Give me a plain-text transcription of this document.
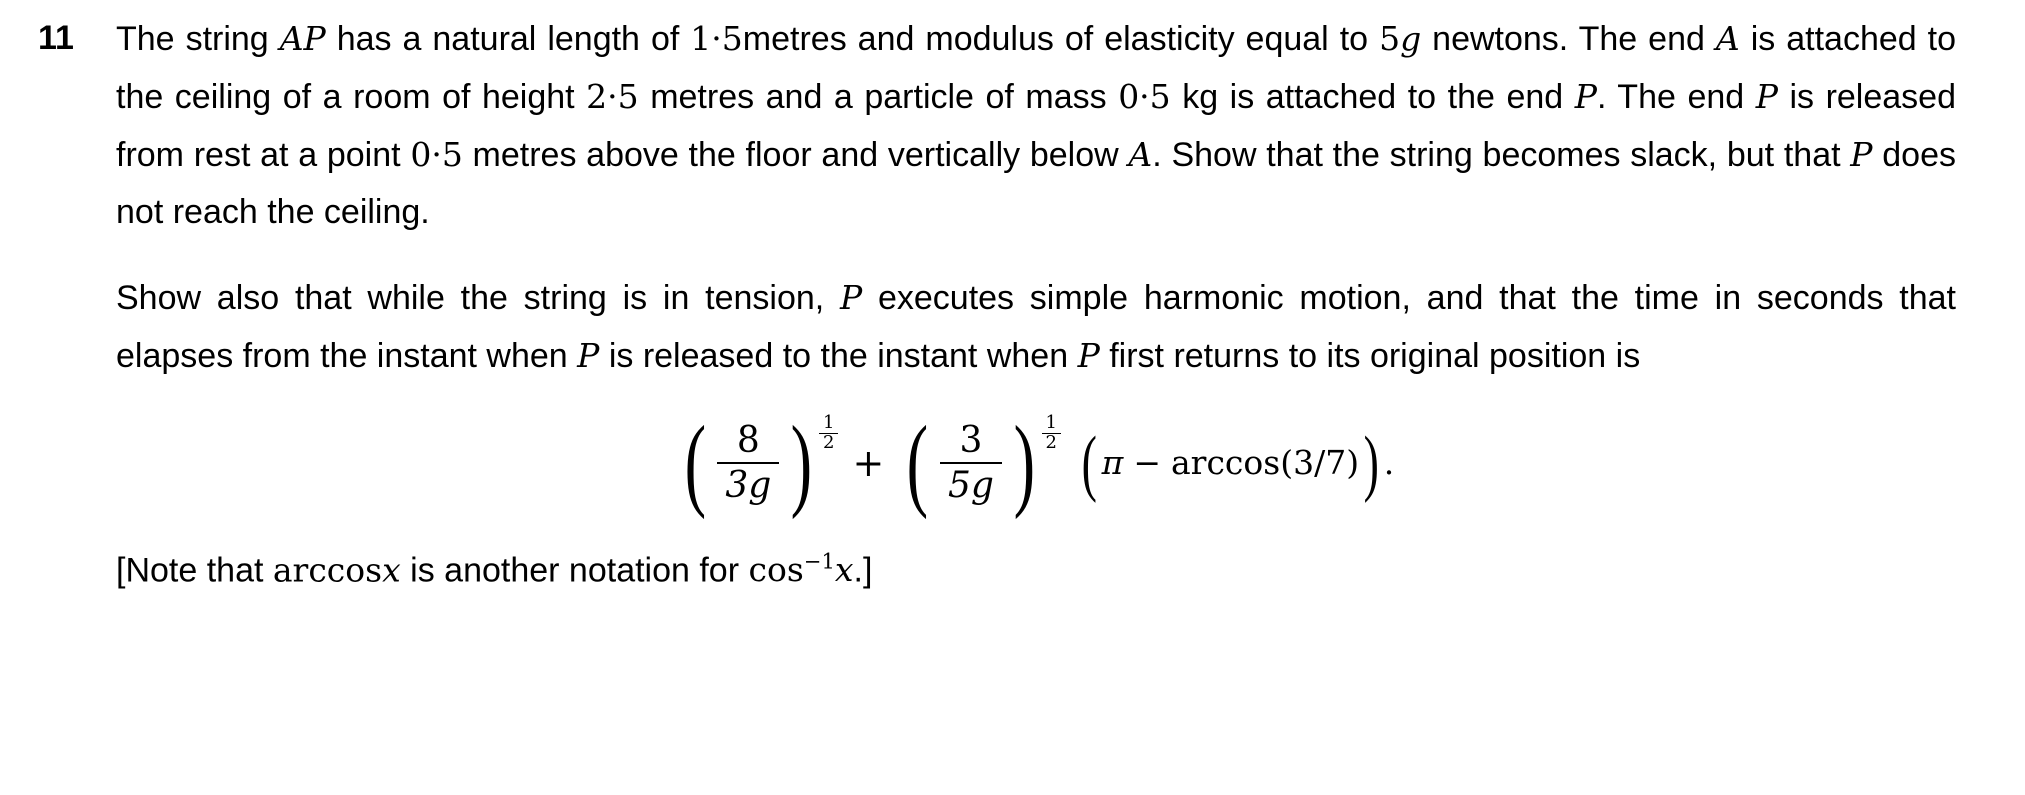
11	The string AP has a natural length of 1·5metres and modulus of elasticity equal to 5g newtons. The end A is attached to the ceiling of a room of height 2·5 metres and a particle of mass 0·5 kg is attached to the end P. The end P is released from rest at a point 0·5 metres above the floor and vertically below A. Show that the string becomes slack, but that P does not reach the ceiling.

Show also that while the string is in tension, P executes simple harmonic motion, and that the time in seconds that elapses from the instant when P is released to the instant when P first returns to its original position is

( $\frac{8}{3g}$ ) $\frac{1}{2}$
+ ( $\frac{3}{5g}$ ) $\frac{1}{2}$ ( π − arccos(3/7) ) .

[Note that arccosx is another notation for $\cos^{-1}x$.]
